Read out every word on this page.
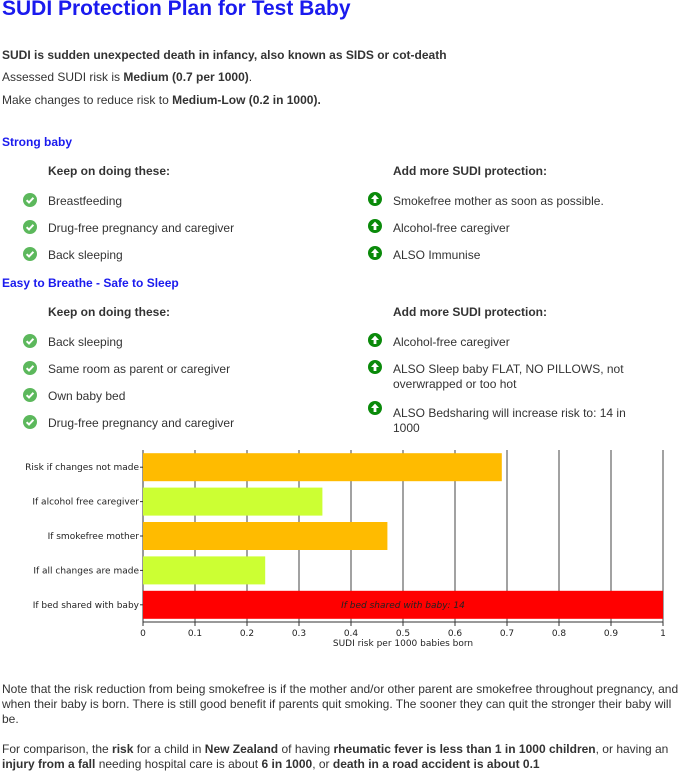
SUDI Protection Plan for Test Baby
SUDI is sudden unexpected death in infancy, also known as SIDS or cot-death
Assessed SUDI risk is Medium (0.7 per 1000).
Make changes to reduce risk to Medium-Low (0.2 in 1000).
Strong baby
Keep on doing these:	Add more SUDI protection:
Breastfeeding
Drug-free pregnancy and caregiver
Back sleeping
Smokefree mother as soon as possible.
Alcohol-free caregiver
ALSO Immunise
Easy to Breathe - Safe to Sleep
Keep on doing these:	Add more SUDI protection:
Back sleeping
Same room as parent or caregiver
Own baby bed
Drug-free pregnancy and caregiver
Alcohol-free caregiver
ALSO Sleep baby FLAT, NO PILLOWS, not
overwrapped or too hot
ALSO Bedsharing will increase risk to: 14 in
1000
Risk if changes not made
If alcohol free caregiver
If smokefree mother
If all changes are made
If bed shared with baby	If bed shared with baby: 14
0	0.1	0.2	0.3	0.4	0.5	0.6	0.7	0.8	0.9	1
SUDI risk per 1000 babies born
Note that the risk reduction from being smokefree is if the mother and/or other parent are smokefree throughout pregnancy, and when their baby is born. There is still good benefit if parents quit smoking. The sooner they can quit the stronger their baby will be.
For comparison, the risk for a child in New Zealand of having rheumatic fever is less than 1 in 1000 children, or having an injury from a fall needing hospital care is about 6 in 1000, or death in a road accident is about 0.1
